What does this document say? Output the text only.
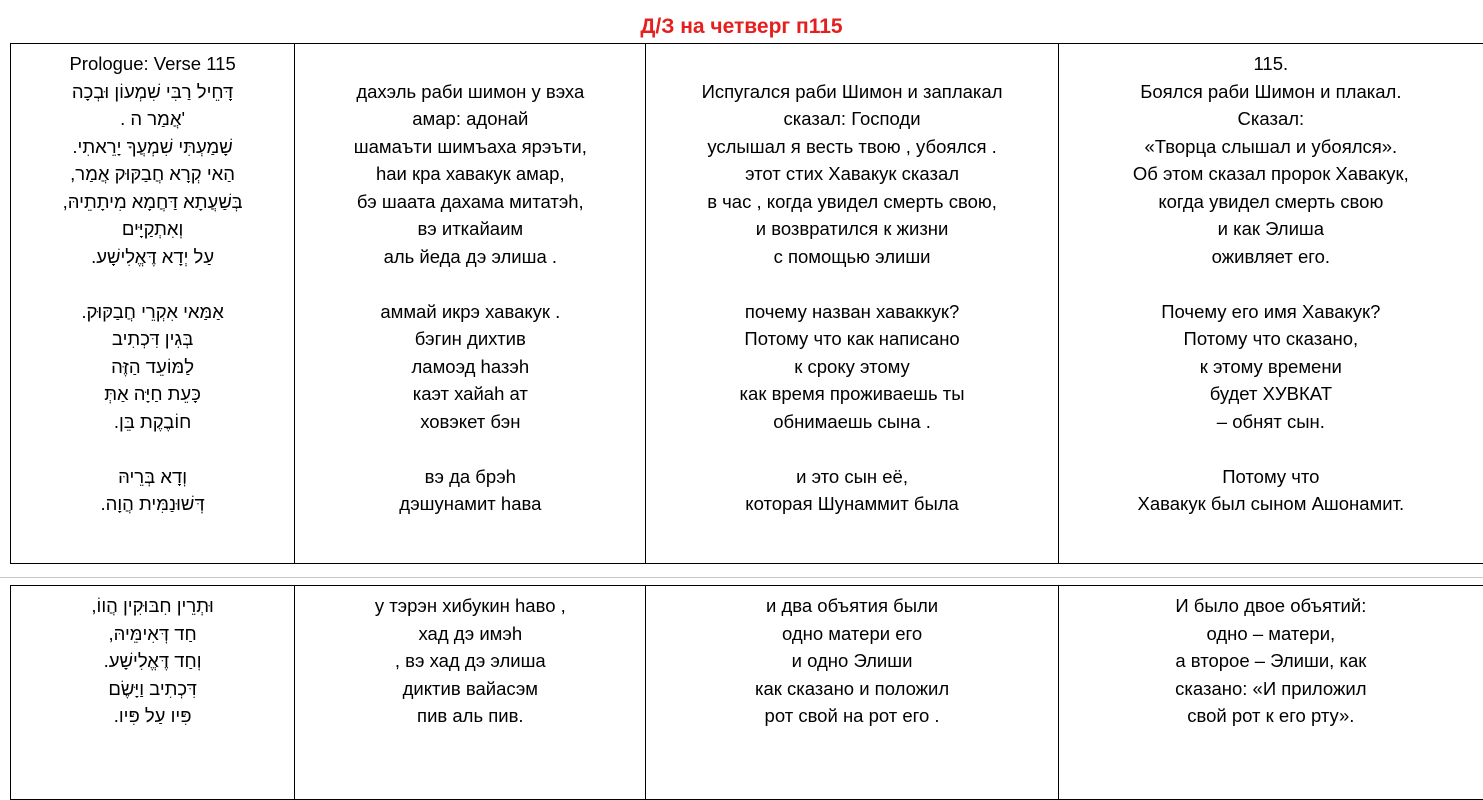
Д/З на четверг п115
Prologue: Verse 115
דָּחֵיל רַבִּי שִׁמְעוֹן וּבְכָה
'אֲמַר ה .
שָׁמַעְתִּי שִׁמְעֲךָ יָרֵאתִי.
הַאי קְרָא חֲבַקּוּק אֲמַר,
בְּשַׁעֲתָא דַּחֲמָא מִיתָתֵיהּ,
וְאִתְקַיָּים
עַל יְדָא דֶּאֱלִישָׁע.
אַמַּאי אִקְרֵי חֲבַקּוּק.
בְּגִין דִּכְתִיב
לַמּוֹעֵד הַזֶּה
כָּעֵת חַיָּה אַתְּ
חוֹבֶקֶת בֵּן.
וְדָא בְּרֵיהּ
דְּשׁוּנַמִּית הֲוָה.

дахэль раби шимон у вэха
амар: адонай
шамаъти шимъаха ярэъти,
hаи кра хавакук амар,
бэ шаата дахама митатэh,
вэ иткайаим
аль йеда дэ элиша .
аммай икрэ хавакук .
бэгин дихтив
ламоэд hазэh
каэт хайаh ат
ховэкет бэн
вэ да брэh
дэшунамит hава

Испугался раби Шимон и заплакал
сказал: Господи
услышал я весть твою , убоялся .
этот стих Хавакук сказал
в час , когда увидел смерть свою,
и возвратился к жизни
с помощью элиши
почему назван хаваккук?
Потому что как написано
к сроку этому
как время проживаешь ты
обнимаешь сына .
и это сын её,
которая Шунаммит была

115.
Боялся раби Шимон и плакал.
Сказал:
«Творца слышал и убоялся».
Об этом сказал пророк Хавакук,
когда увидел смерть свою
и как Элиша
оживляет его.
Почему его имя Хавакук?
Потому что сказано,
к этому времени
будет ХУВКАТ
– обнят сын.
Потому что
Хавакук был сыном Ашонамит.
וּתְרֵין חִבּוּקִין הֲווֹ,
חַד דְּאִימֵּיהּ,
וְחַד דֶּאֱלִישָׁע.
דִּכְתִיב וַיָּשֶׂם
פִּיו עַל פִּיו.

у тэрэн хибукин hаво ,
хад дэ имэh
, вэ хад дэ элиша
диктив вайасэм
пив аль пив.

и два объятия были
одно матери его
и одно Элиши
как сказано и положил
рот свой на рот его .

И было двое объятий:
одно – матери,
а второе – Элиши, как
сказано: «И приложил
свой рот к его рту».
